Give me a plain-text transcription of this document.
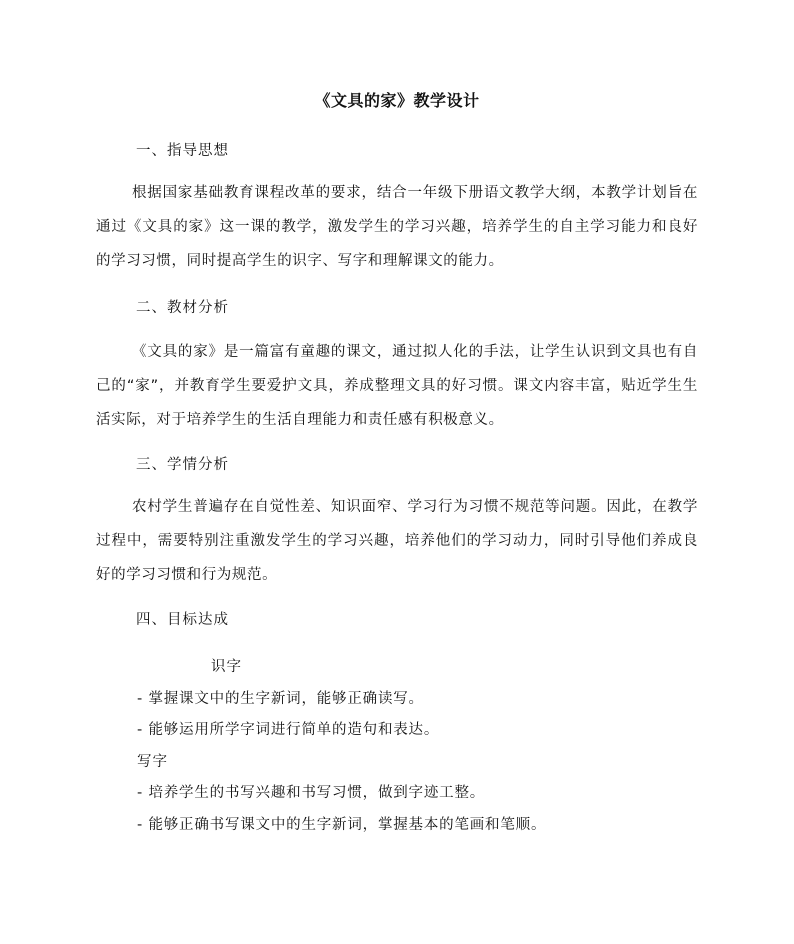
《文具的家》教学设计
一、指导思想
根据国家基础教育课程改革的要求，结合一年级下册语文教学大纲，本教学计划旨在通过《文具的家》这一课的教学，激发学生的学习兴趣，培养学生的自主学习能力和良好的学习习惯，同时提高学生的识字、写字和理解课文的能力。
二、教材分析
《文具的家》是一篇富有童趣的课文，通过拟人化的手法，让学生认识到文具也有自己的“家”，并教育学生要爱护文具，养成整理文具的好习惯。课文内容丰富，贴近学生生活实际，对于培养学生的生活自理能力和责任感有积极意义。
三、学情分析
农村学生普遍存在自觉性差、知识面窄、学习行为习惯不规范等问题。因此，在教学过程中，需要特别注重激发学生的学习兴趣，培养他们的学习动力，同时引导他们养成良好的学习习惯和行为规范。
四、目标达成
识字
- 掌握课文中的生字新词，能够正确读写。
- 能够运用所学字词进行简单的造句和表达。
写字
- 培养学生的书写兴趣和书写习惯，做到字迹工整。
- 能够正确书写课文中的生字新词，掌握基本的笔画和笔顺。
